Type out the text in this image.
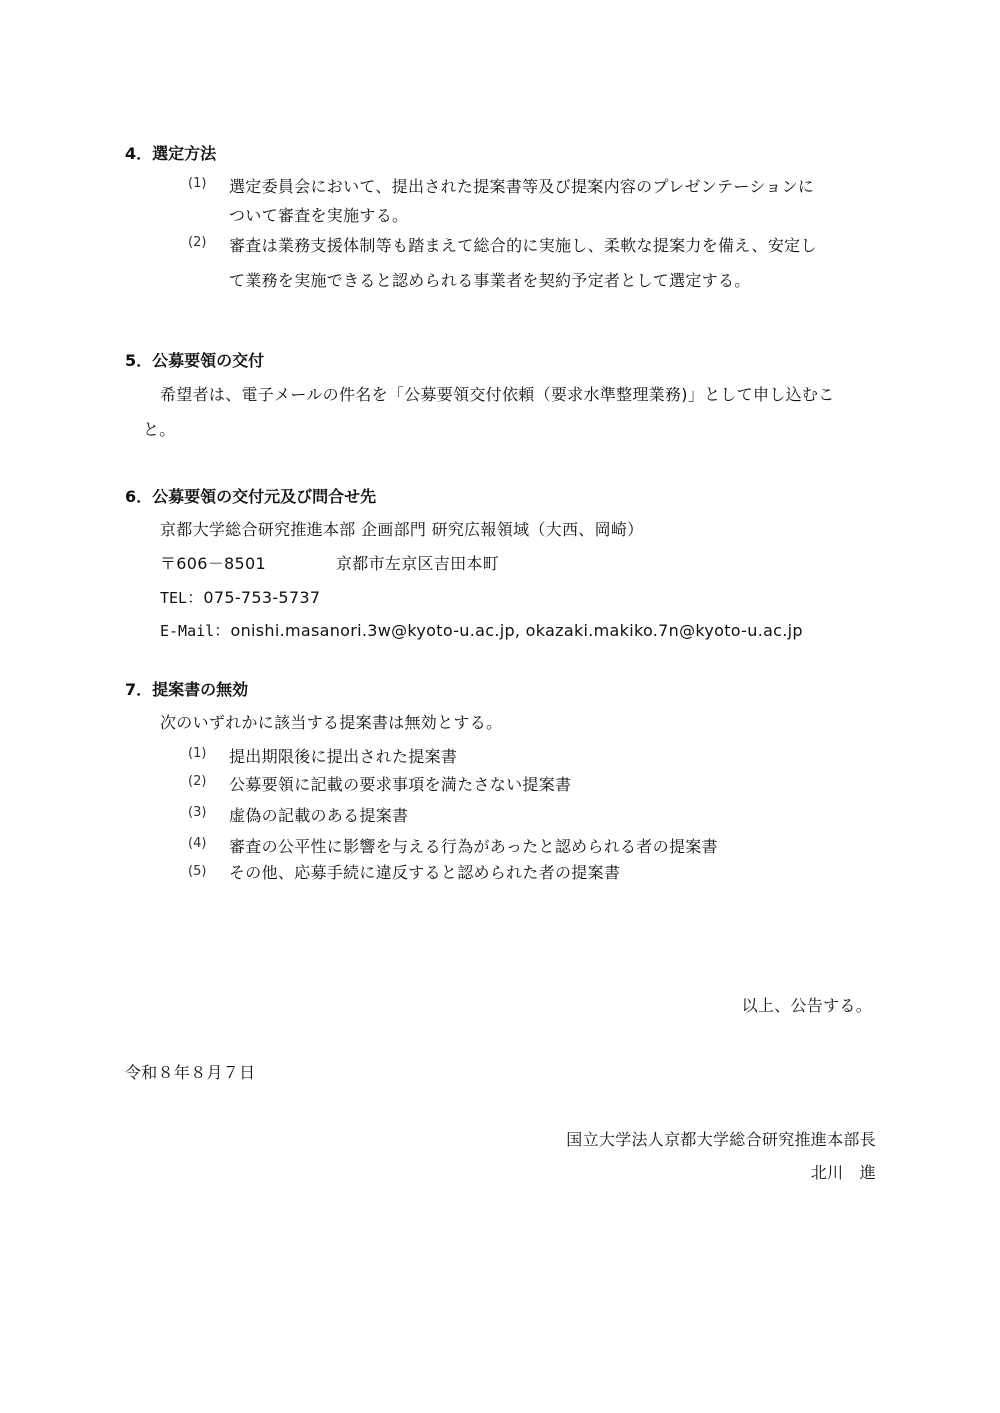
4．選定方法
(1) 選定委員会において、提出された提案書等及び提案内容のプレゼンテーションに
ついて審査を実施する。
(2) 審査は業務支援体制等も踏まえて総合的に実施し、柔軟な提案力を備え、安定し
て業務を実施できると認められる事業者を契約予定者として選定する。
5．公募要領の交付
希望者は、電子メールの件名を「公募要領交付依頼（要求水準整理業務)」として申し込むこ
と。
6．公募要領の交付元及び問合せ先
京都大学総合研究推進本部 企画部門 研究広報領域（大西、岡崎）
〒606－8501	京都市左京区吉田本町
TEL：075-753-5737
E-Mail：onishi.masanori.3w@kyoto-u.ac.jp, okazaki.makiko.7n@kyoto-u.ac.jp
7．提案書の無効
次のいずれかに該当する提案書は無効とする。
(1) 提出期限後に提出された提案書
(2) 公募要領に記載の要求事項を満たさない提案書
(3) 虚偽の記載のある提案書
(4) 審査の公平性に影響を与える行為があったと認められる者の提案書
(5) その他、応募手続に違反すると認められた者の提案書
以上、公告する。
令和８年８月７日
国立大学法人京都大学総合研究推進本部長
北川　進
